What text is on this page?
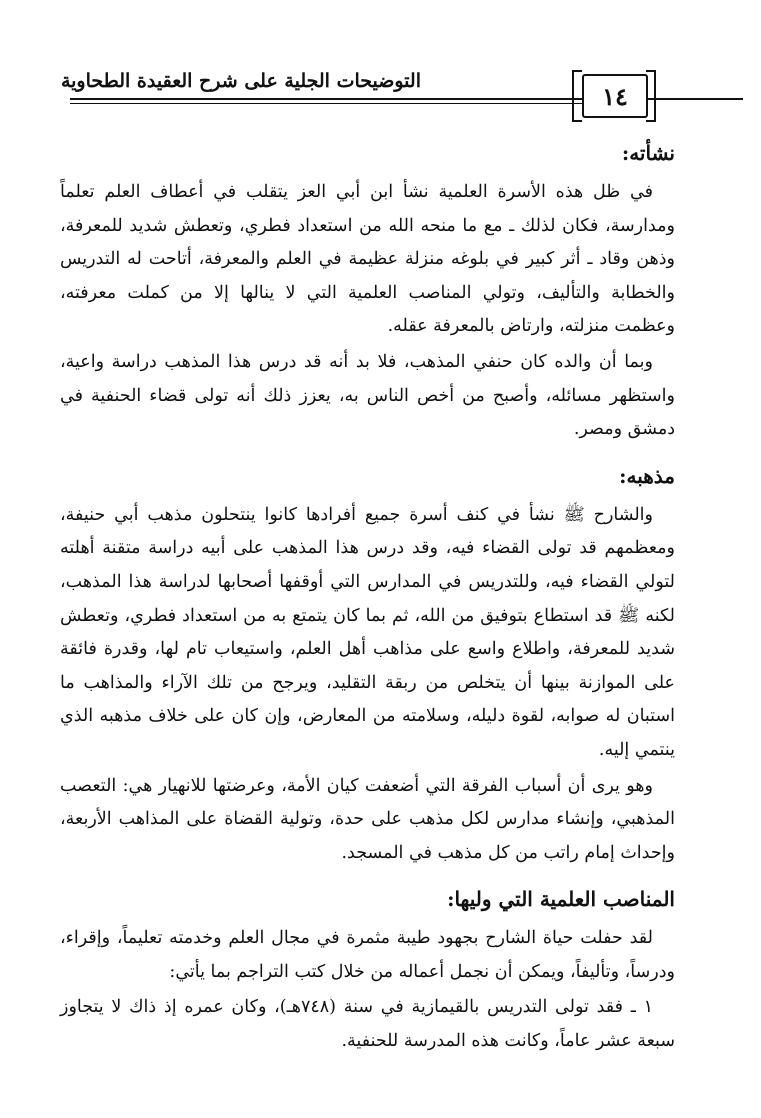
التوضيحات الجلية على شرح العقيدة الطحاوية
١٤
نشأته:

في ظل هذه الأسرة العلمية نشأ ابن أبي العز يتقلب في أعطاف العلم تعلماً ومدارسة، فكان لذلك ـ مع ما منحه الله من استعداد فطري، وتعطش شديد للمعرفة، وذهن وقاد ـ أثر كبير في بلوغه منزلة عظيمة في العلم والمعرفة، أتاحت له التدريس والخطابة والتأليف، وتولي المناصب العلمية التي لا ينالها إلا من كملت معرفته، وعظمت منزلته، وارتاض بالمعرفة عقله.

وبما أن والده كان حنفي المذهب، فلا بد أنه قد درس هذا المذهب دراسة واعية، واستظهر مسائله، وأصبح من أخص الناس به، يعزز ذلك أنه تولى قضاء الحنفية في دمشق ومصر.

مذهبه:

والشارح ﷺ نشأ في كنف أسرة جميع أفرادها كانوا ينتحلون مذهب أبي حنيفة، ومعظمهم قد تولى القضاء فيه، وقد درس هذا المذهب على أبيه دراسة متقنة أهلته لتولي القضاء فيه، وللتدريس في المدارس التي أوقفها أصحابها لدراسة هذا المذهب، لكنه ﷺ قد استطاع بتوفيق من الله، ثم بما كان يتمتع به من استعداد فطري، وتعطش شديد للمعرفة، واطلاع واسع على مذاهب أهل العلم، واستيعاب تام لها، وقدرة فائقة على الموازنة بينها أن يتخلص من ربقة التقليد، ويرجح من تلك الآراء والمذاهب ما استبان له صوابه، لقوة دليله، وسلامته من المعارض، وإن كان على خلاف مذهبه الذي ينتمي إليه.

وهو يرى أن أسباب الفرقة التي أضعفت كيان الأمة، وعرضتها للانهيار هي: التعصب المذهبي، وإنشاء مدارس لكل مذهب على حدة، وتولية القضاة على المذاهب الأربعة، وإحداث إمام راتب من كل مذهب في المسجد.

المناصب العلمية التي وليها:

لقد حفلت حياة الشارح بجهود طيبة مثمرة في مجال العلم وخدمته تعليماً، وإقراء، ودرساً، وتأليفاً، ويمكن أن نجمل أعماله من خلال كتب التراجم بما يأتي:

١ ـ فقد تولى التدريس بالقيمازية في سنة (٧٤٨هـ)، وكان عمره إذ ذاك لا يتجاوز سبعة عشر عاماً، وكانت هذه المدرسة للحنفية.
